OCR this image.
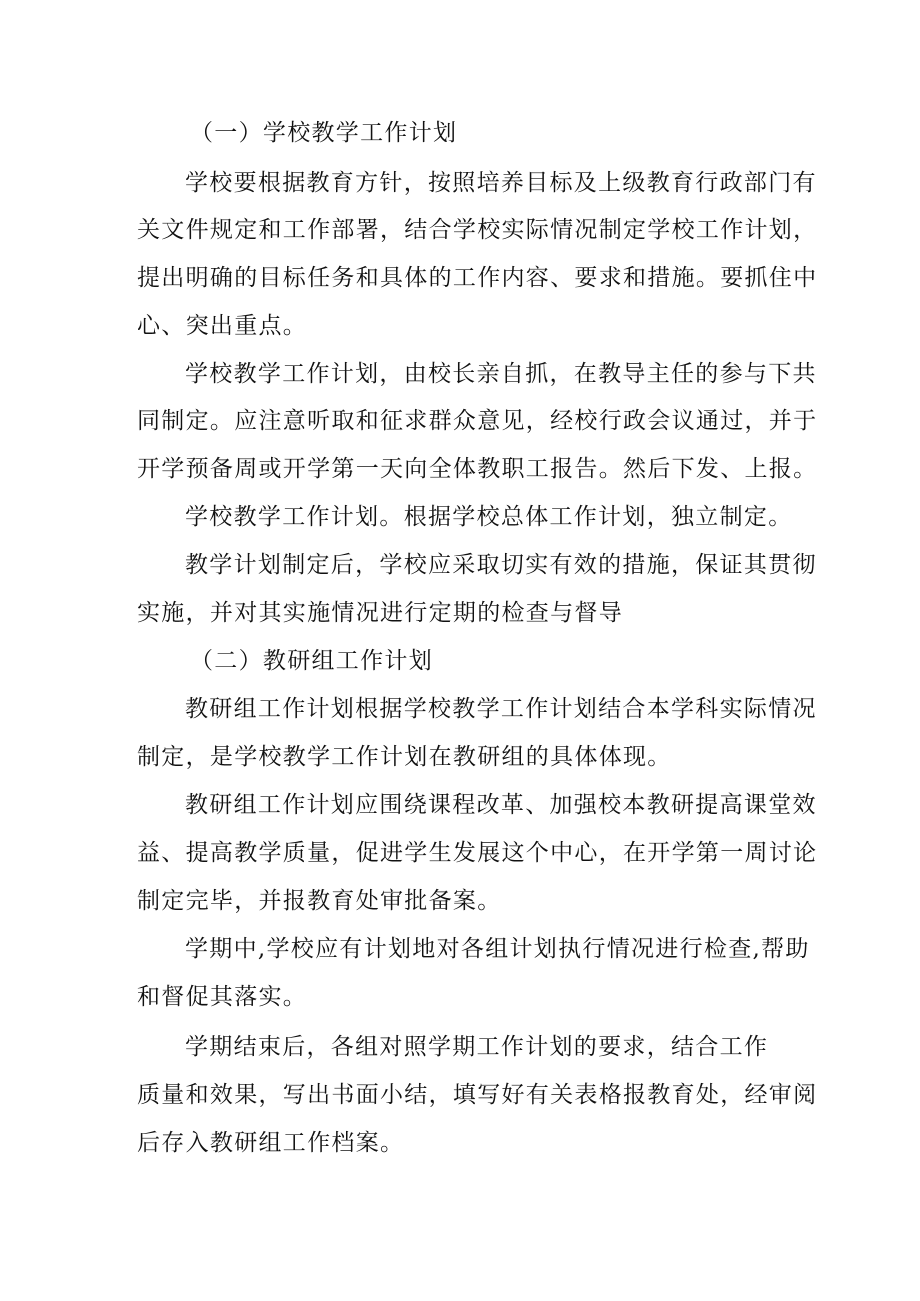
（一）学校教学工作计划
学校要根据教育方针，按照培养目标及上级教育行政部门有
关文件规定和工作部署，结合学校实际情况制定学校工作计划，
提出明确的目标任务和具体的工作内容、要求和措施。要抓住中
心、突出重点。
学校教学工作计划，由校长亲自抓，在教导主任的参与下共
同制定。应注意听取和征求群众意见，经校行政会议通过，并于
开学预备周或开学第一天向全体教职工报告。然后下发、上报。
学校教学工作计划。根据学校总体工作计划，独立制定。
教学计划制定后，学校应采取切实有效的措施，保证其贯彻
实施，并对其实施情况进行定期的检查与督导
（二）教研组工作计划
教研组工作计划根据学校教学工作计划结合本学科实际情况
制定，是学校教学工作计划在教研组的具体体现。
教研组工作计划应围绕课程改革、加强校本教研提高课堂效
益、提高教学质量，促进学生发展这个中心，在开学第一周讨论
制定完毕，并报教育处审批备案。
学期中,学校应有计划地对各组计划执行情况进行检查,帮助
和督促其落实。
学期结束后，各组对照学期工作计划的要求，结合工作
质量和效果，写出书面小结，填写好有关表格报教育处，经审阅
后存入教研组工作档案。
